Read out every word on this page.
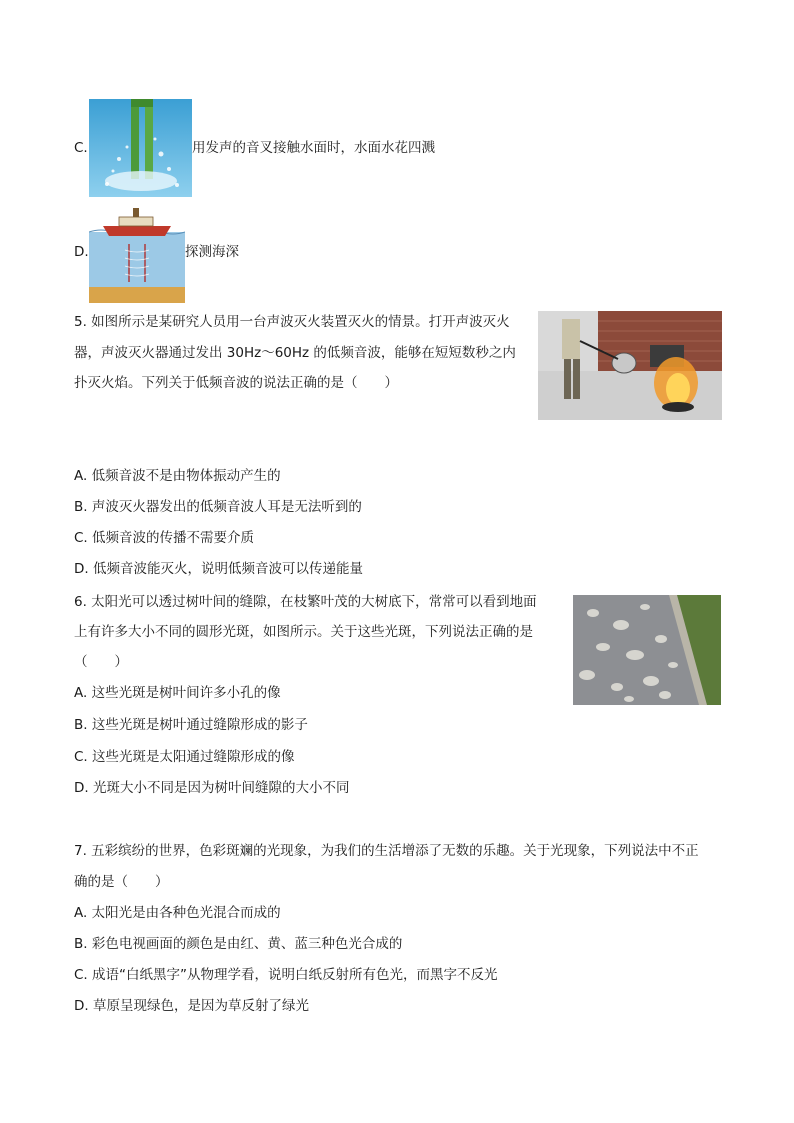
C.	用发声的音叉接触水面时，水面水花四溅
D.	探测海深
5. 如图所示是某研究人员用一台声波灭火装置灭火的情景。打开声波灭火
器，声波灭火器通过发出 30Hz～60Hz 的低频音波，能够在短短数秒之内
扑灭火焰。下列关于低频音波的说法正确的是（　　）
A. 低频音波不是由物体振动产生的
B. 声波灭火器发出的低频音波人耳是无法听到的
C. 低频音波的传播不需要介质
D. 低频音波能灭火，说明低频音波可以传递能量
6. 太阳光可以透过树叶间的缝隙，在枝繁叶茂的大树底下，常常可以看到地面
上有许多大小不同的圆形光斑，如图所示。关于这些光斑，下列说法正确的是
（　　）
A. 这些光斑是树叶间许多小孔的像
B. 这些光斑是树叶通过缝隙形成的影子
C. 这些光斑是太阳通过缝隙形成的像
D. 光斑大小不同是因为树叶间缝隙的大小不同
7. 五彩缤纷的世界，色彩斑斓的光现象，为我们的生活增添了无数的乐趣。关于光现象，下列说法中不正
确的是（　　）
A. 太阳光是由各种色光混合而成的
B. 彩色电视画面的颜色是由红、黄、蓝三种色光合成的
C. 成语“白纸黑字”从物理学看，说明白纸反射所有色光，而黑字不反光
D. 草原呈现绿色，是因为草反射了绿光
